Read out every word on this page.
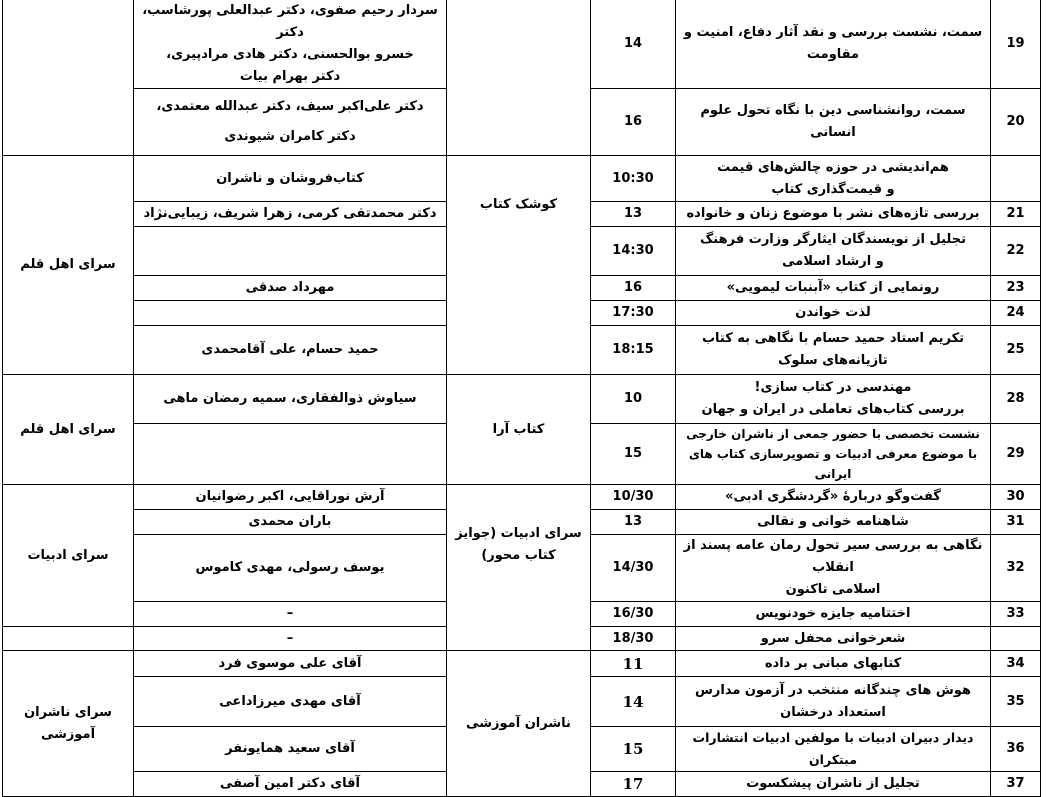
	سردار رحیم صفوی، دکتر عبدالعلی پورشاسب، دکتر
خسرو بوالحسنی، دکتر هادی مرادپیری،
دکتر بهرام بیات		14	سمت، نشست بررسی و نقد آثار دفاع، امنیت و مقاومت	19

	دکتر علی‌اکبر سیف، دکتر عبدالله معتمدی،
دکتر کامران شیوندی		16	سمت، روانشناسی دین با نگاه تحول علوم انسانی	20
سرای اهل قلم	کتاب‌فروشان و ناشران	کوشک کتاب	10:30	هم‌اندیشی در حوزه چالش‌های قیمت
و قیمت‌گذاری کتاب	

	دکتر محمدتقی کرمی، زهرا شریف، زیبایی‌نژاد		13	بررسی تازه‌های نشر با موضوع زنان و خانواده	21
			14:30	تجلیل از نویسندگان ایثارگر وزارت فرهنگ
و ارشاد اسلامی	22
	مهرداد صدقی		16	رونمایی از کتاب «آبنبات لیمویی»	23
			17:30	لذت خواندن	24
	حمید حسام، علی آقامحمدی		18:15	تکریم استاد حمید حسام با نگاهی به کتاب
تازیانه‌های سلوک	25
سرای اهل قلم	سیاوش ذوالفقاری، سمیه رمضان ماهی	کتاب آرا	10	مهندسی در کتاب سازی!
بررسی کتاب‌های تعاملی در ایران و جهان	28
			15	نشست تخصصی با حضور جمعی از ناشران خارجی
با موضوع معرفی ادبیات و تصویرسازی کتاب های ایرانی	29
سرای ادبیات	آرش نوراقایی، اکبر رضوانیان	سرای ادبیات (جوایز
کتاب محور)	10/30	گفت‌وگو دربارهٔ «گردشگری ادبی»	30
	باران محمدی		13	شاهنامه خوانی و نقالی	31
	یوسف رسولی، مهدی کاموس		14/30	نگاهی به بررسی سیر تحول رمان عامه پسند از انقلاب
اسلامی تاکنون	32
	–		16/30	اختتامیه جایزه خودنویس	33
	–		18/30	شعرخوانی محفل سرو	

سرای ناشران
آموزشی	آقای علی موسوی فرد	ناشران آموزشی	11	کتابهای مبانی بر داده	34
	آقای مهدی میرزاداعی		14	هوش های چندگانه منتخب در آزمون مدارس
استعداد درخشان	35
	آقای سعید همایونفر		15	دیدار دبیران ادبیات با مولفین ادبیات انتشارات مبتکران	36
	آقای دکتر امین آصفی		17	تجلیل از ناشران پیشکسوت	37
